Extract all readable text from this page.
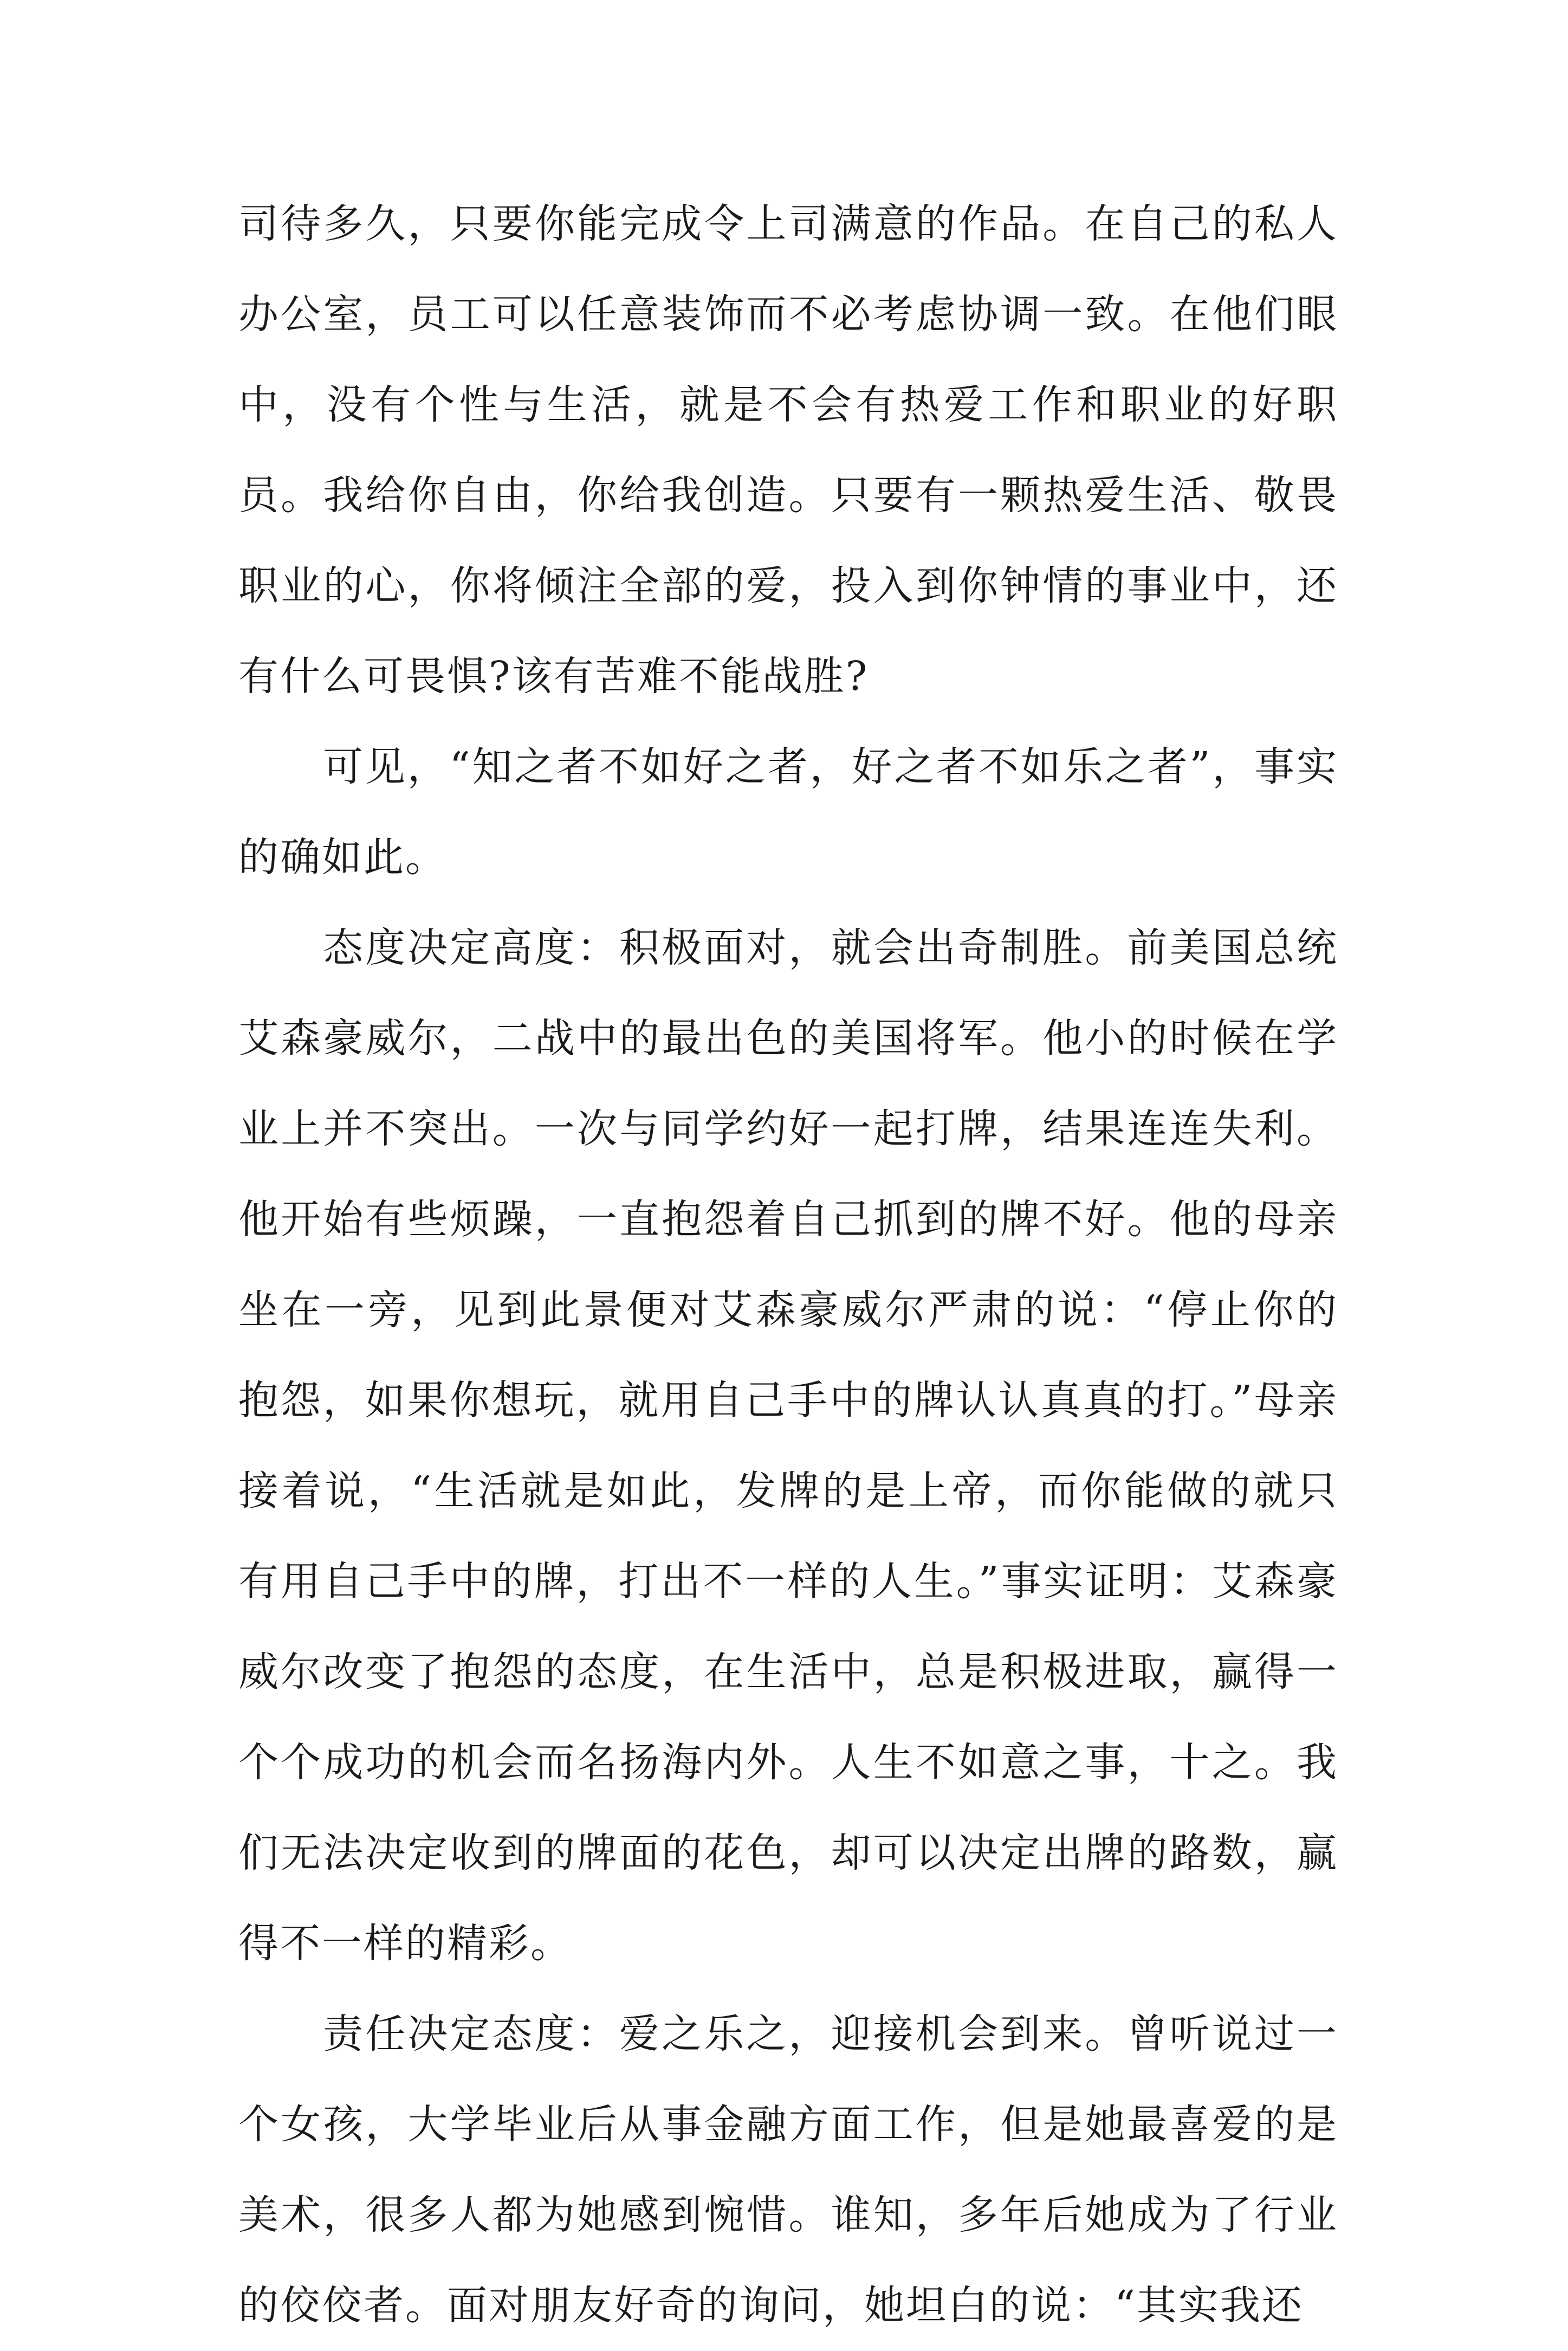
司待多久，只要你能完成令上司满意的作品。在自己的私人办公室，员工可以任意装饰而不必考虑协调一致。在他们眼中，没有个性与生活，就是不会有热爱工作和职业的好职员。我给你自由，你给我创造。只要有一颗热爱生活、敬畏职业的心，你将倾注全部的爱，投入到你钟情的事业中，还有什么可畏惧?该有苦难不能战胜?

可见，“知之者不如好之者，好之者不如乐之者”，事实的确如此。

态度决定高度：积极面对，就会出奇制胜。前美国总统艾森豪威尔，二战中的最出色的美国将军。他小的时候在学业上并不突出。一次与同学约好一起打牌，结果连连失利。他开始有些烦躁，一直抱怨着自己抓到的牌不好。他的母亲坐在一旁，见到此景便对艾森豪威尔严肃的说：“停止你的抱怨，如果你想玩，就用自己手中的牌认认真真的打。”母亲接着说，“生活就是如此，发牌的是上帝，而你能做的就只有用自己手中的牌，打出不一样的人生。”事实证明：艾森豪威尔改变了抱怨的态度，在生活中，总是积极进取，赢得一个个成功的机会而名扬海内外。人生不如意之事，十之。我们无法决定收到的牌面的花色，却可以决定出牌的路数，赢得不一样的精彩。

责任决定态度：爱之乐之，迎接机会到来。曾听说过一个女孩，大学毕业后从事金融方面工作，但是她最喜爱的是美术，很多人都为她感到惋惜。谁知，多年后她成为了行业的佼佼者。面对朋友好奇的询问，她坦白的说：“其实我还
